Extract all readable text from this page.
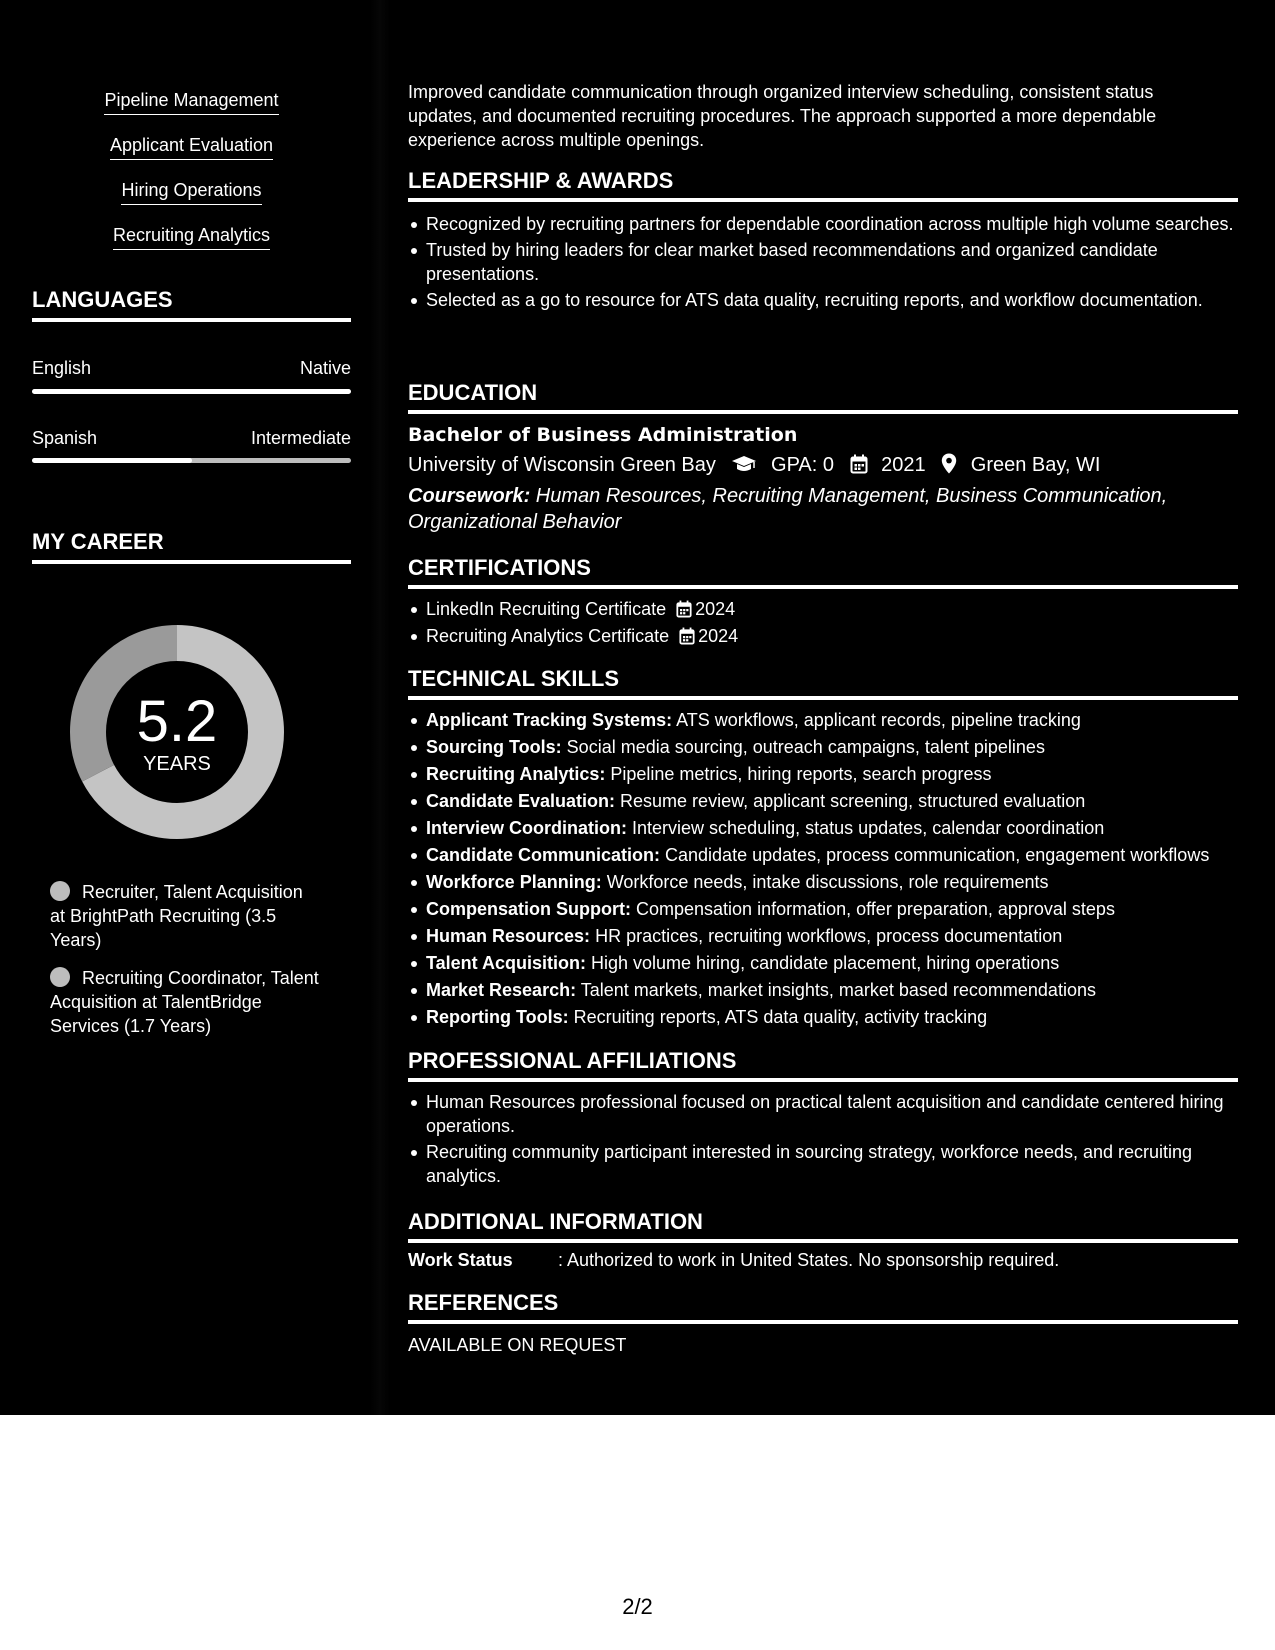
Pipeline Management
Applicant Evaluation
Hiring Operations
Recruiting Analytics
LANGUAGES
English	Native
Spanish	Intermediate
MY CAREER
5.2
YEARS
Recruiter, Talent Acquisition at BrightPath Recruiting (3.5 Years)
Recruiting Coordinator, Talent Acquisition at TalentBridge Services (1.7 Years)
Improved candidate communication through organized interview scheduling, consistent status updates, and documented recruiting procedures. The approach supported a more dependable experience across multiple openings.
LEADERSHIP & AWARDS
Recognized by recruiting partners for dependable coordination across multiple high volume searches.
Trusted by hiring leaders for clear market based recommendations and organized candidate presentations.
Selected as a go to resource for ATS data quality, recruiting reports, and workflow documentation.
EDUCATION
Bachelor of Business Administration
University of Wisconsin Green Bay	GPA: 0 2021 Green Bay, WI
Coursework: Human Resources, Recruiting Management, Business Communication, Organizational Behavior
CERTIFICATIONS
LinkedIn Recruiting Certificate 2024
Recruiting Analytics Certificate 2024
TECHNICAL SKILLS
Applicant Tracking Systems: ATS workflows, applicant records, pipeline tracking
Sourcing Tools: Social media sourcing, outreach campaigns, talent pipelines
Recruiting Analytics: Pipeline metrics, hiring reports, search progress
Candidate Evaluation: Resume review, applicant screening, structured evaluation
Interview Coordination: Interview scheduling, status updates, calendar coordination
Candidate Communication: Candidate updates, process communication, engagement workflows
Workforce Planning: Workforce needs, intake discussions, role requirements
Compensation Support: Compensation information, offer preparation, approval steps
Human Resources: HR practices, recruiting workflows, process documentation
Talent Acquisition: High volume hiring, candidate placement, hiring operations
Market Research: Talent markets, market insights, market based recommendations
Reporting Tools: Recruiting reports, ATS data quality, activity tracking
PROFESSIONAL AFFILIATIONS
Human Resources professional focused on practical talent acquisition and candidate centered hiring operations.
Recruiting community participant interested in sourcing strategy, workforce needs, and recruiting analytics.
ADDITIONAL INFORMATION
Work Status	: Authorized to work in United States. No sponsorship required.
REFERENCES
AVAILABLE ON REQUEST
2/2
